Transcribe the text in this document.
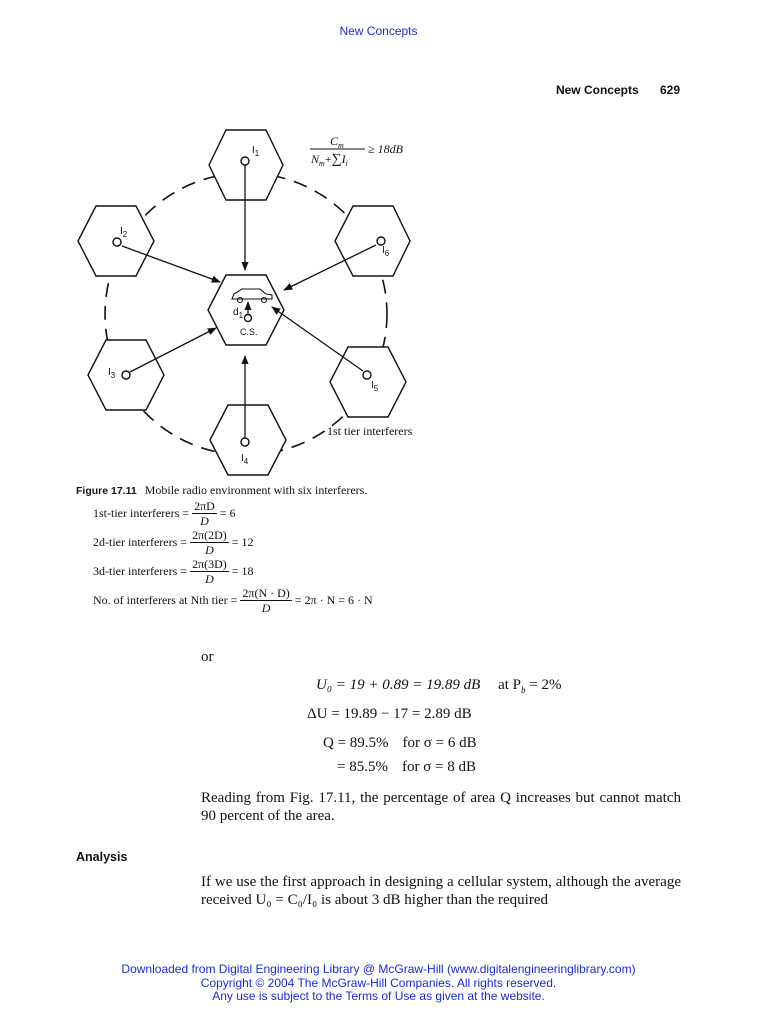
New Concepts
New Concepts 629
$I_1$
$I_2$
$I_6$
$I_3$
$I_5$
$I_4$
$d_1$
C.S.
$C_m$
$N_m+\sum I_i$
≥ 18dB
1st tier interferers
Figure 17.11 Mobile radio environment with six interferers.
1st-tier interferers = $\frac{2\pi D}{D} = 6$
2d-tier interferers = $\frac{2\pi(2D)}{D} = 12$
3d-tier interferers = $\frac{2\pi(3D)}{D} = 18$
No. of interferers at Nth tier = $\frac{2\pi(N \cdot D)}{D} = 2\pi \cdot N = 6 \cdot N$
or
U₀ = 19 + 0.89 = 19.89 dB at $P_b = 2\%$
ΔU = 19.89 − 17 = 2.89 dB
Q = 89.5% for σ = 6 dB
= 85.5% for σ = 8 dB
Reading from Fig. 17.11, the percentage of area Q increases but cannot match 90 percent of the area.
Analysis
If we use the first approach in designing a cellular system, although the average received U₀ = C₀/I₀ is about 3 dB higher than the required
Downloaded from Digital Engineering Library @ McGraw-Hill (www.digitalengineeringlibrary.com)
Copyright © 2004 The McGraw-Hill Companies. All rights reserved.
Any use is subject to the Terms of Use as given at the website.
